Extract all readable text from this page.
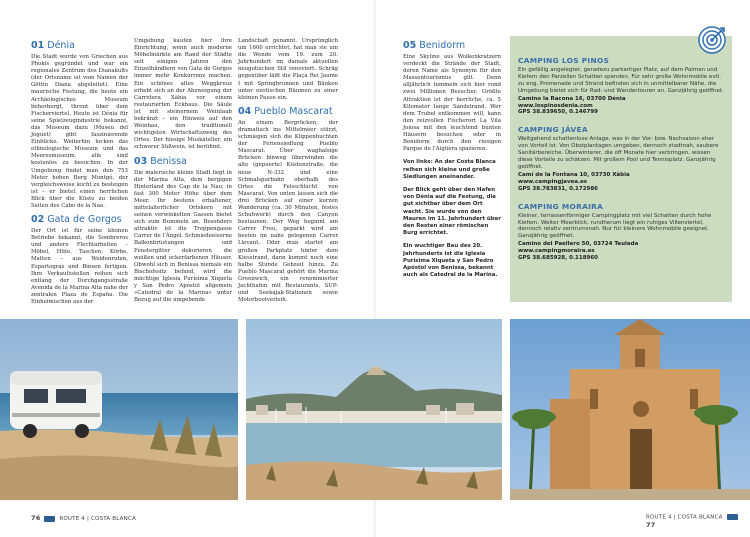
01 Dénia

Die Stadt wurde von Griechen aus Phokis gegründet und war ein regionales Zentrum des Dianakults (der Ortsname ist vom Namen der Göttin Diana abgeleitet). Eine maurische Festung, die heute ein Archäologisches Museum beherbergt, thront über dem Fischerviertel. Heute ist Dénia für seine Spielzeugindustrie bekannt, das Museum dazu (Museu del Joguet) gibt faszinierende Einblicke. Weiterhin locken das ethnologische Museum und das Meeresmuseum, alle sind kostenlos zu besuchen. In der Umgebung findet man den 753 Meter hohen Berg Montgó, der vergleichsweise leicht zu besteigen ist – er bietet einen herrlichen Blick über die Küste zu beiden Seiten des Cabo de la Nao.

02 Gata de Gorgos

Der Ort ist für seine kleinen Betriebe bekannt, die Sombreros und andere Flechtarbeiten – Möbel, Hüte, Taschen, Körbe, Matten – aus Weidenruten, Espartogras und Binsen fertigen. Ihre Verkaufsstellen reihen sich entlang der Durchgangsstraße Avenida de la Marina Alta nahe der zentralen Plaza de España. Die Einheimischen aus der

Umgebung kaufen hier ihre Einrichtung, wenn auch moderne Möbelmärkte am Rand der Städte seit einigen Jahren den Einzelhändlern von Gata de Gorgos immer mehr Konkurrenz machen. Ein schönes altes Weggkreuz erhebt sich an der Abzweigung der Carretera Xàbia vor einem restaurierten Eckhaus. Die Säule ist mit steinernem Weinlaub bekränzt – ein Hinweis auf den Weinbau, den traditionell wichtigsten Wirtschaftszweig des Ortes. Der hiesige Muskateller, ein schwerer Süßwein, ist berühmt.

03 Benissa

Die malerische kleine Stadt liegt in der Marina Alta, dem bergigen Hinterland des Cap de la Nau, in fast 300 Meter Höhe über dem Meer. Ihr bestens erhaltener, mittelalterlicher Ortskern mit seinen verwinkelten Gassen bietet sich zum Bummeln an. Besonders attraktiv ist die Treppengasse Carrer de l’Àngel. Schmiedeeiserne Balkonbrüstungen und Fenstergitter dekorieren die weißen und ockerfarbenen Häuser. Obwohl sich in Benissa niemals ein Bischofssitz befand, wird die mächtige Iglesia Purísima Xiqueta y San Pedro Apóstol allgemein »Catedral de la Marina« unter Bezug auf die umgebende

Landschaft genannt. Ursprünglich um 1600 errichtet, hat man sie um die Wende vom 19. zum 20. Jahrhundert im damals aktuellen neugotischen Stil renoviert. Schräg gegenüber lädt die Plaça Rei Jaume I mit Springbrunnen und Bänken unter exotischen Bäumen zu einer kleinen Pause ein.

04 Pueblo Mascarat

An einem Bergrücken, der dramatisch ins Mittelmeer stürzt, schmiegen sich die Klippenbuchten der Feriensiedlung Pueblo Mascarat. Über waghalsige Brücken binweg überwinden die alte (gepuerte) Küstenstraße, die neue N-332 und eine Schmalspurbahn oberhalb des Ortes die Felsschlucht von Mascarat. Von unten lassen sich die drei Brücken auf einer kurzen Wanderung (ca. 30 Minuten, festes Schuhwerk) durch den Canyon bestaunen. Der Weg beginnt am Carrer Freu, geparkt wird am besten im nahe gelegenen Carrer Llevant. Oder man startet am großen Parkplatz hinter dem Kiesstrand, dann kommt noch eine halbe Stunde Gehzeit hinzu. Zu Pueblo Mascarat gehört die Marina Greenwich, ein renommierter Jachthafen mit Restaurants, SUP- und Seekajak-Stationen sowie Motorbootverleih.

05 Benidorm

Eine Skyline aus Wolkenkratzern verdeckt die Strände der Stadt, deren Name als Synonym für den Massentourismus gilt. Denn alljährlich tummeln sich hier rund zwei Millionen Besucher. Größte Attraktion ist der herrliche, ca. 5 Kilometer lange Sandstrand. Wer dem Trubel entkommen will, kann den reizvollen Fischerort La Vila Joiosa mit den leuchtend bunten Häusern besuchen oder in Benidorm durch den riesigen Parque de l’Aigüera spazieren.

Von links: An der Costa Blanca reihen sich kleine und große Siedlungen aneinander.
Der Blick geht über den Hafen von Dénia auf die Festung, die gut sichtbar über dem Ort wacht. Sie wurde von den Mauren im 11. Jahrhundert über den Resten einer römischen Burg errichtet.
Ein wuchtiger Bau des 20. Jahrhunderts ist die Iglesia Purísima Xiqueta y San Pedro Apóstol von Benissa, bekannt auch als Catedral de la Marina.
CAMPING LOS PINOS
Ein gefällig angelegter, geradezu parkartiger Platz, auf dem Palmen und Kiefern den Parzellen Schatten spenden. Für sehr große Wohnmobile evtl. zu eng. Promenade und Strand befinden sich in unmittelbarer Nähe, die Umgebung bietet sich für Rad- und Wandertouren an. Ganzjährig geöffnet.
Camino la Racona 16, 03700 Dénia
www.lospinosdenia.com
GPS 38.839650, 0.146799
CAMPING JÁVEA
Weitgehend schattenlose Anlage, was in der Vor- bzw. Nachsaison eher von Vorteil ist. Von Obstplantagen umgeben, dennoch stadtnah, saubere Sanitärbereiche. Überwinterer, die off Monate hier verbringen, wissen diese Vorteile zu schätzen. Mit großem Pool und Tennisplatz. Ganzjährig geöffnet.
Camí de la Fontana 10, 03730 Xàbia
www.campingjavea.es
GPS 38.783831, 0.172986
CAMPING MORAIRA
Kleiner, terrassenförmiger Campingplatz mit viel Schatten durch hohe Kiefern. Weiter Meerblick, rundherum liegt ein ruhiges Villenviertel, dennoch relativ zentrumsnah. Nur für kleinere Wohnmobile geeignet. Ganzjährig geöffnet.
Camino del Paellero 50, 03724 Teulada
www.campingmoraira.es
GPS 38.685928, 0.118960
76	ROUTE 4 | COSTA BLANCA	ROUTE 4 | COSTA BLANCA  77
